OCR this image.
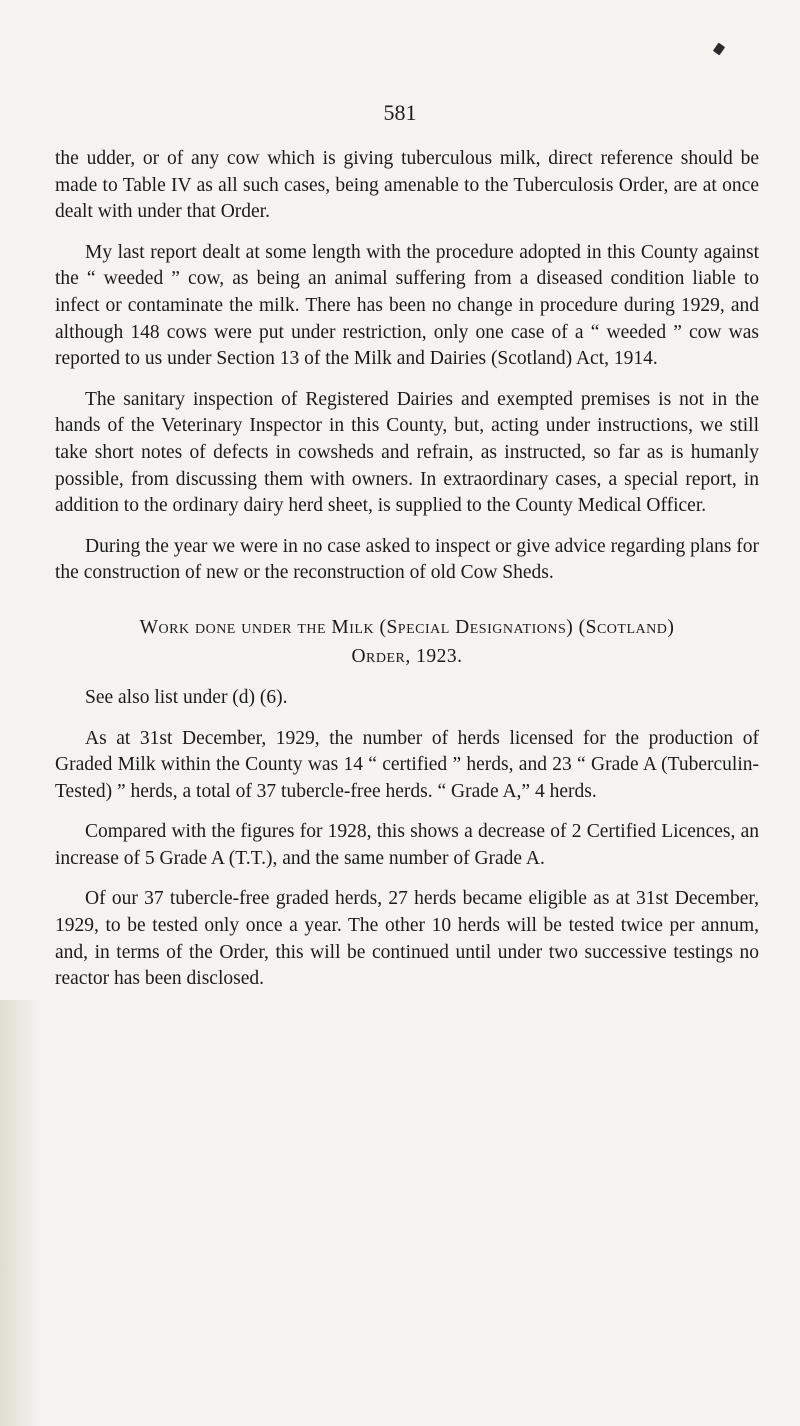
581

the udder, or of any cow which is giving tuberculous milk, direct reference should be made to Table IV as all such cases, being amenable to the Tuberculosis Order, are at once dealt with under that Order.

My last report dealt at some length with the procedure adopted in this County against the “ weeded ” cow, as being an animal suffering from a diseased condition liable to infect or contaminate the milk. There has been no change in procedure during 1929, and although 148 cows were put under restriction, only one case of a “ weeded ” cow was reported to us under Section 13 of the Milk and Dairies (Scotland) Act, 1914.

The sanitary inspection of Registered Dairies and exempted premises is not in the hands of the Veterinary Inspector in this County, but, acting under instructions, we still take short notes of defects in cowsheds and refrain, as instructed, so far as is humanly possible, from discussing them with owners. In extraordinary cases, a special report, in addition to the ordinary dairy herd sheet, is supplied to the County Medical Officer.

During the year we were in no case asked to inspect or give advice regarding plans for the construction of new or the reconstruction of old Cow Sheds.

Work done under the Milk (Special Designations) (Scotland)
Order, 1923.

See also list under (d) (6).

As at 31st December, 1929, the number of herds licensed for the production of Graded Milk within the County was 14 “ certified ” herds, and 23 “ Grade A (Tuberculin-Tested) ” herds, a total of 37 tubercle-free herds. “ Grade A,” 4 herds.

Compared with the figures for 1928, this shows a decrease of 2 Certified Licences, an increase of 5 Grade A (T.T.), and the same number of Grade A.

Of our 37 tubercle-free graded herds, 27 herds became eligible as at 31st December, 1929, to be tested only once a year. The other 10 herds will be tested twice per annum, and, in terms of the Order, this will be continued until under two successive testings no reactor has been disclosed.
